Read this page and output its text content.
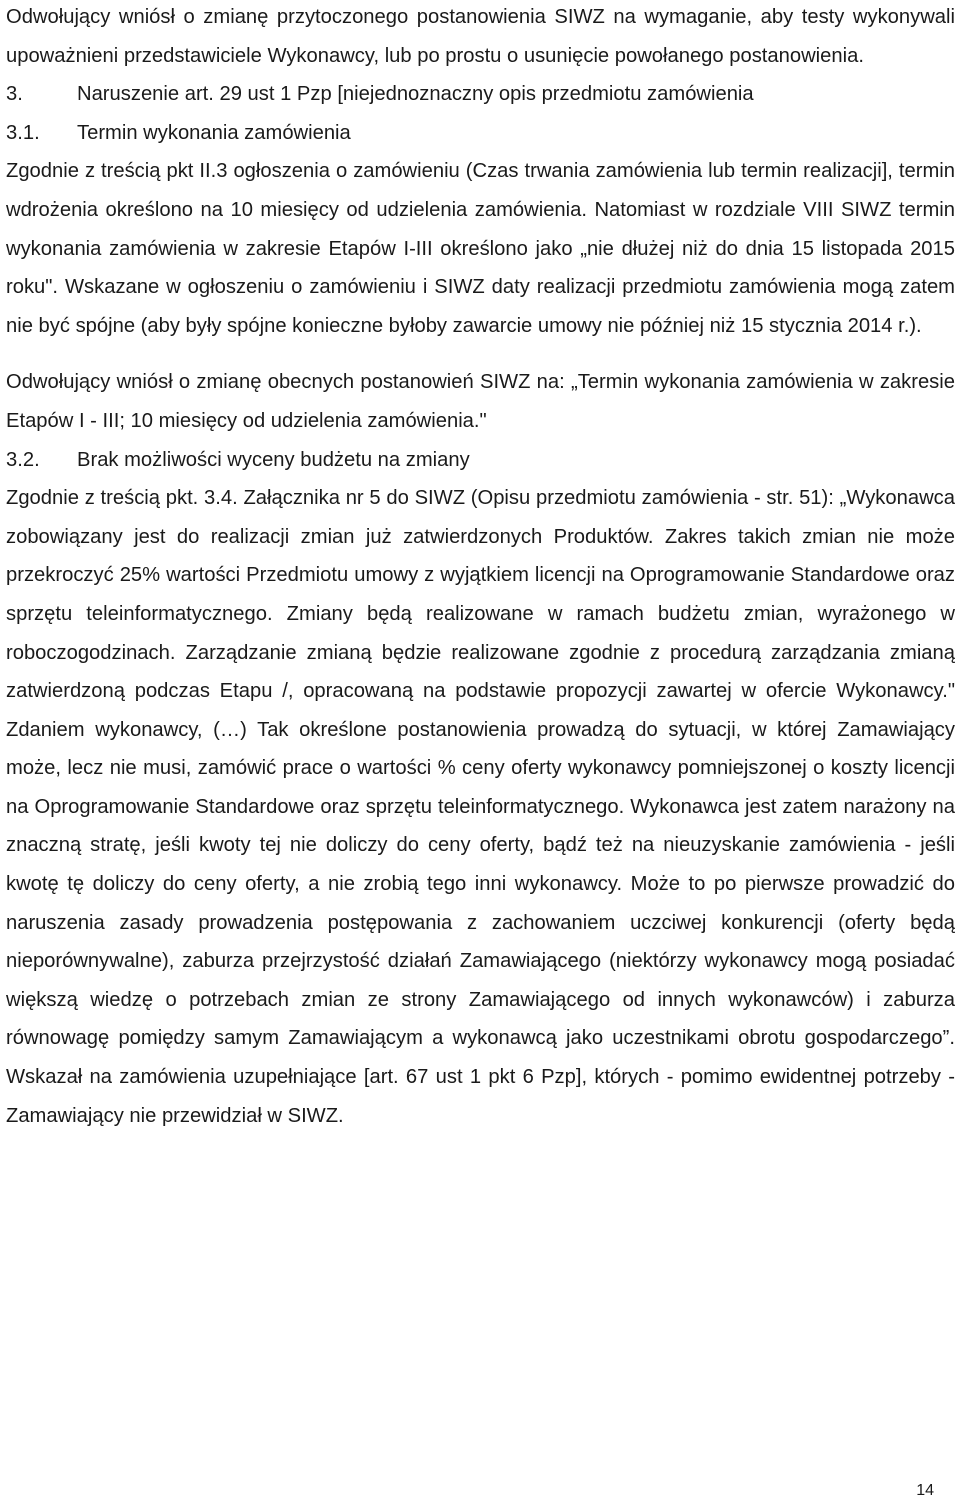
Odwołujący wniósł o zmianę przytoczonego postanowienia SIWZ na wymaganie, aby testy wykonywali upoważnieni przedstawiciele Wykonawcy, lub po prostu o usunięcie powołanego postanowienia.

3.	Naruszenie art. 29 ust 1 Pzp [niejednoznaczny opis przedmiotu zamówienia
3.1.	Termin wykonania zamówienia

Zgodnie z treścią pkt II.3 ogłoszenia o zamówieniu (Czas trwania zamówienia lub termin realizacji], termin wdrożenia określono na 10 miesięcy od udzielenia zamówienia. Natomiast w rozdziale VIII SIWZ termin wykonania zamówienia w zakresie Etapów I-III określono jako „nie dłużej niż do dnia 15 listopada 2015 roku". Wskazane w ogłoszeniu o zamówieniu i SIWZ daty realizacji przedmiotu zamówienia mogą zatem nie być spójne (aby były spójne konieczne byłoby zawarcie umowy nie później niż 15 stycznia 2014 r.).

Odwołujący wniósł o zmianę obecnych postanowień SIWZ na: „Termin wykonania zamówienia w zakresie Etapów I - III; 10 miesięcy od udzielenia zamówienia."

3.2.	Brak możliwości wyceny budżetu na zmiany

Zgodnie z treścią pkt. 3.4. Załącznika nr 5 do SIWZ (Opisu przedmiotu zamówienia - str. 51): „Wykonawca zobowiązany jest do realizacji zmian już zatwierdzonych Produktów. Zakres takich zmian nie może przekroczyć 25% wartości Przedmiotu umowy z wyjątkiem licencji na Oprogramowanie Standardowe oraz sprzętu teleinformatycznego. Zmiany będą realizowane w ramach budżetu zmian, wyrażonego w roboczogodzinach. Zarządzanie zmianą będzie realizowane zgodnie z procedurą zarządzania zmianą zatwierdzoną podczas Etapu /, opracowaną na podstawie propozycji zawartej w ofercie Wykonawcy." Zdaniem wykonawcy, (…) Tak określone postanowienia prowadzą do sytuacji, w której Zamawiający może, lecz nie musi, zamówić prace o wartości % ceny oferty wykonawcy pomniejszonej o koszty licencji na Oprogramowanie Standardowe oraz sprzętu teleinformatycznego. Wykonawca jest zatem narażony na znaczną stratę, jeśli kwoty tej nie doliczy do ceny oferty, bądź też na nieuzyskanie zamówienia - jeśli kwotę tę doliczy do ceny oferty, a nie zrobią tego inni wykonawcy. Może to po pierwsze prowadzić do naruszenia zasady prowadzenia postępowania z zachowaniem uczciwej konkurencji (oferty będą nieporównywalne), zaburza przejrzystość działań Zamawiającego (niektórzy wykonawcy mogą posiadać większą wiedzę o potrzebach zmian ze strony Zamawiającego od innych wykonawców) i zaburza równowagę pomiędzy samym Zamawiającym a wykonawcą jako uczestnikami obrotu gospodarczego”. Wskazał na zamówienia uzupełniające [art. 67 ust 1 pkt 6 Pzp], których - pomimo ewidentnej potrzeby - Zamawiający nie przewidział w SIWZ.

14
